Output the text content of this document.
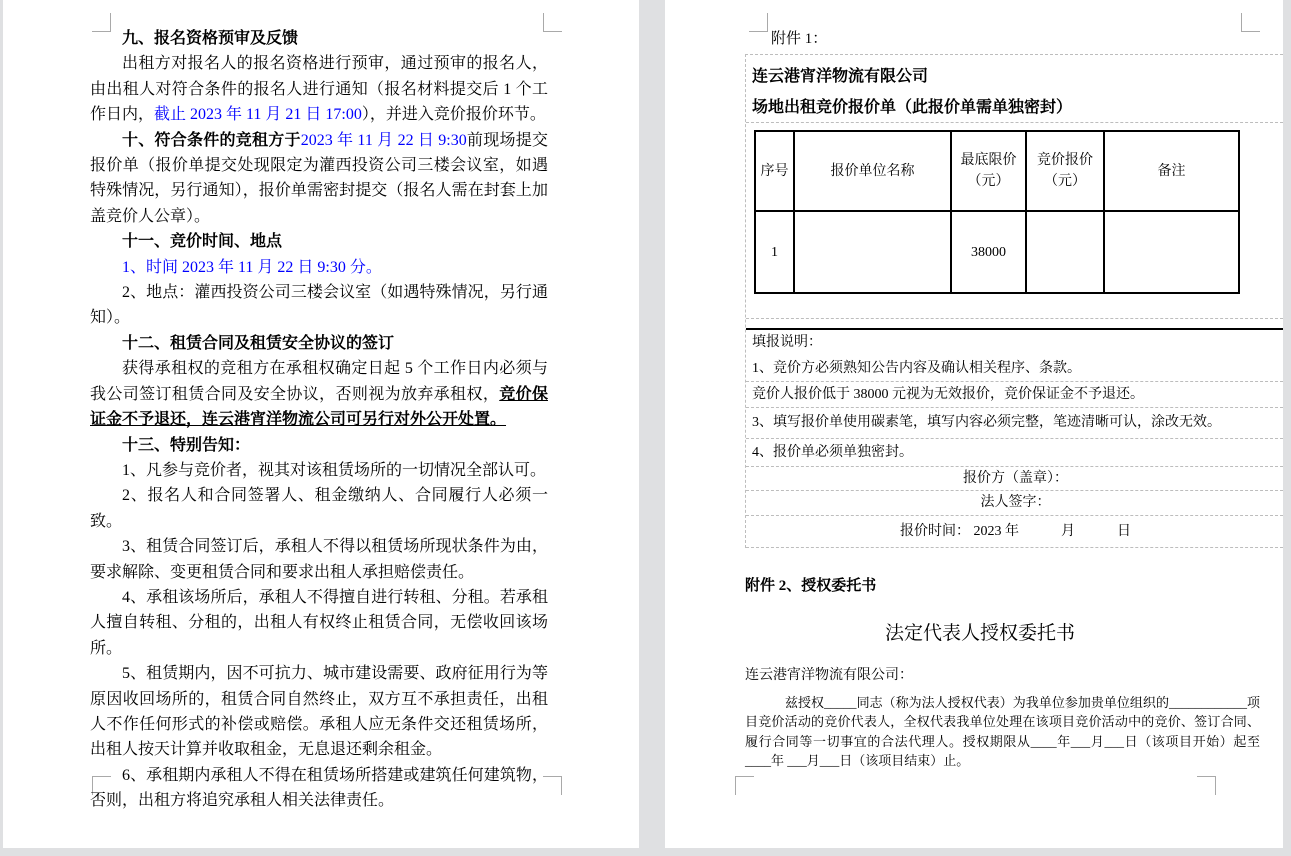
九、报名资格预审及反馈

出租方对报名人的报名资格进行预审，通过预审的报名人，由出租人对符合条件的报名人进行通知（报名材料提交后 1 个工作日内，截止 2023 年 11 月 21 日 17:00），并进入竞价报价环节。

十、符合条件的竞租方于2023 年 11 月 22 日 9:30前现场提交报价单（报价单提交处现限定为灌西投资公司三楼会议室，如遇特殊情况，另行通知），报价单需密封提交（报名人需在封套上加盖竞价人公章）。

十一、竞价时间、地点

1、时间 2023 年 11 月 22 日 9:30 分。

2、地点：灌西投资公司三楼会议室（如遇特殊情况，另行通知）。

十二、租赁合同及租赁安全协议的签订

获得承租权的竞租方在承租权确定日起 5 个工作日内必须与我公司签订租赁合同及安全协议，否则视为放弃承租权，竞价保证金不予退还，连云港宵洋物流公司可另行对外公开处置。

十三、特别告知：

1、凡参与竞价者，视其对该租赁场所的一切情况全部认可。

2、报名人和合同签署人、租金缴纳人、合同履行人必须一致。

3、租赁合同签订后，承租人不得以租赁场所现状条件为由，要求解除、变更租赁合同和要求出租人承担赔偿责任。

4、承租该场所后，承租人不得擅自进行转租、分租。若承租人擅自转租、分租的，出租人有权终止租赁合同，无偿收回该场所。

5、租赁期内，因不可抗力、城市建设需要、政府征用行为等原因收回场所的，租赁合同自然终止，双方互不承担责任，出租人不作任何形式的补偿或赔偿。承租人应无条件交还租赁场所，出租人按天计算并收取租金，无息退还剩余租金。

6、承租期内承租人不得在租赁场所搭建或建筑任何建筑物，否则，出租方将追究承租人相关法律责任。

附件 1：
连云港宵洋物流有限公司
场地出租竞价报价单（此报价单需单独密封）
序号	报价单位名称	最底限价（元）	竞价报价（元）	备注
1		38000		
填报说明：
1、竞价方必须熟知公告内容及确认相关程序、条款。
竞价人报价低于 38000 元视为无效报价，竞价保证金不予退还。
3、填写报价单使用碳素笔，填写内容必须完整，笔迹清晰可认，涂改无效。
4、报价单必须单独密封。
报价方（盖章）：
法人签字：
报价时间： 2023 年　　　月　　　日
附件 2、授权委托书
法定代表人授权委托书
连云港宵洋物流有限公司：

兹授权_____同志（称为法人授权代表）为我单位参加贵单位组织的____________项目竞价活动的竞价代表人，全权代表我单位处理在该项目竞价活动中的竞价、签订合同、履行合同等一切事宜的合法代理人。授权期限从____年___月___日（该项目开始）起至____年 ___月___日（该项目结束）止。
